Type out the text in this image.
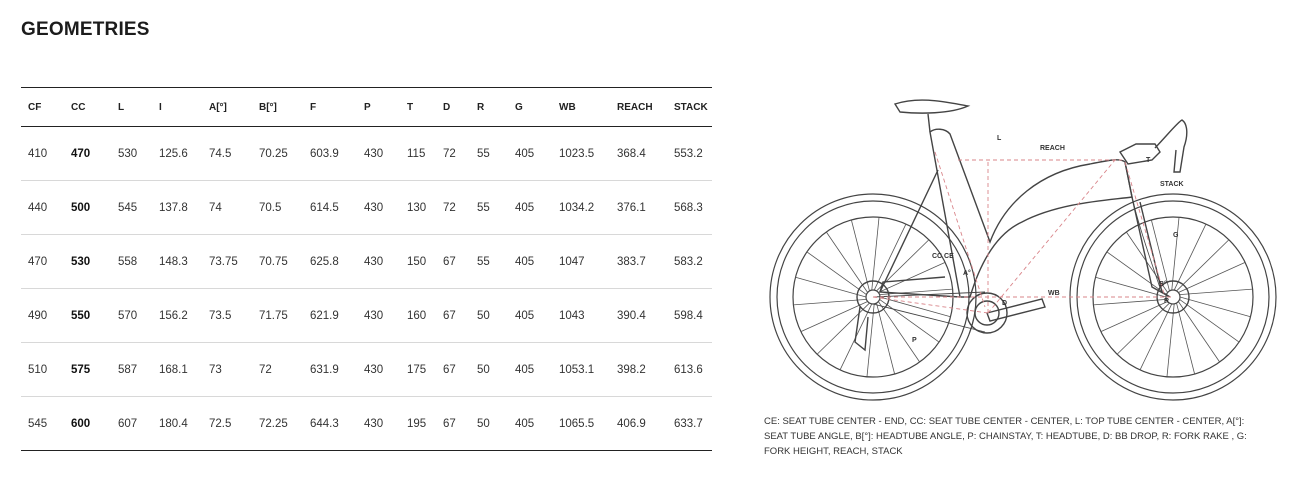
GEOMETRIES
CF	CC	L	I	A[°]	B[°]	F	P	T	D	R	G	WB	REACH	STACK
410	470	530	125.6	74.5	70.25	603.9	430	115	72	55	405	1023.5	368.4	553.2
440	500	545	137.8	74	70.5	614.5	430	130	72	55	405	1034.2	376.1	568.3
470	530	558	148.3	73.75	70.75	625.8	430	150	67	55	405	1047	383.7	583.2
490	550	570	156.2	73.5	71.75	621.9	430	160	67	50	405	1043	390.4	598.4
510	575	587	168.1	73	72	631.9	430	175	67	50	405	1053.1	398.2	613.6
545	600	607	180.4	72.5	72.25	644.3	430	195	67	50	405	1065.5	406.9	633.7
L
REACH
T
STACK
G
CC CE
A°
B°
R
D
WB
P
CE: SEAT TUBE CENTER - END, CC: SEAT TUBE CENTER - CENTER, L: TOP TUBE CENTER - CENTER, A[°]: SEAT TUBE ANGLE, B[°]: HEADTUBE ANGLE, P: CHAINSTAY, T: HEADTUBE, D: BB DROP, R: FORK RAKE , G: FORK HEIGHT, REACH, STACK
